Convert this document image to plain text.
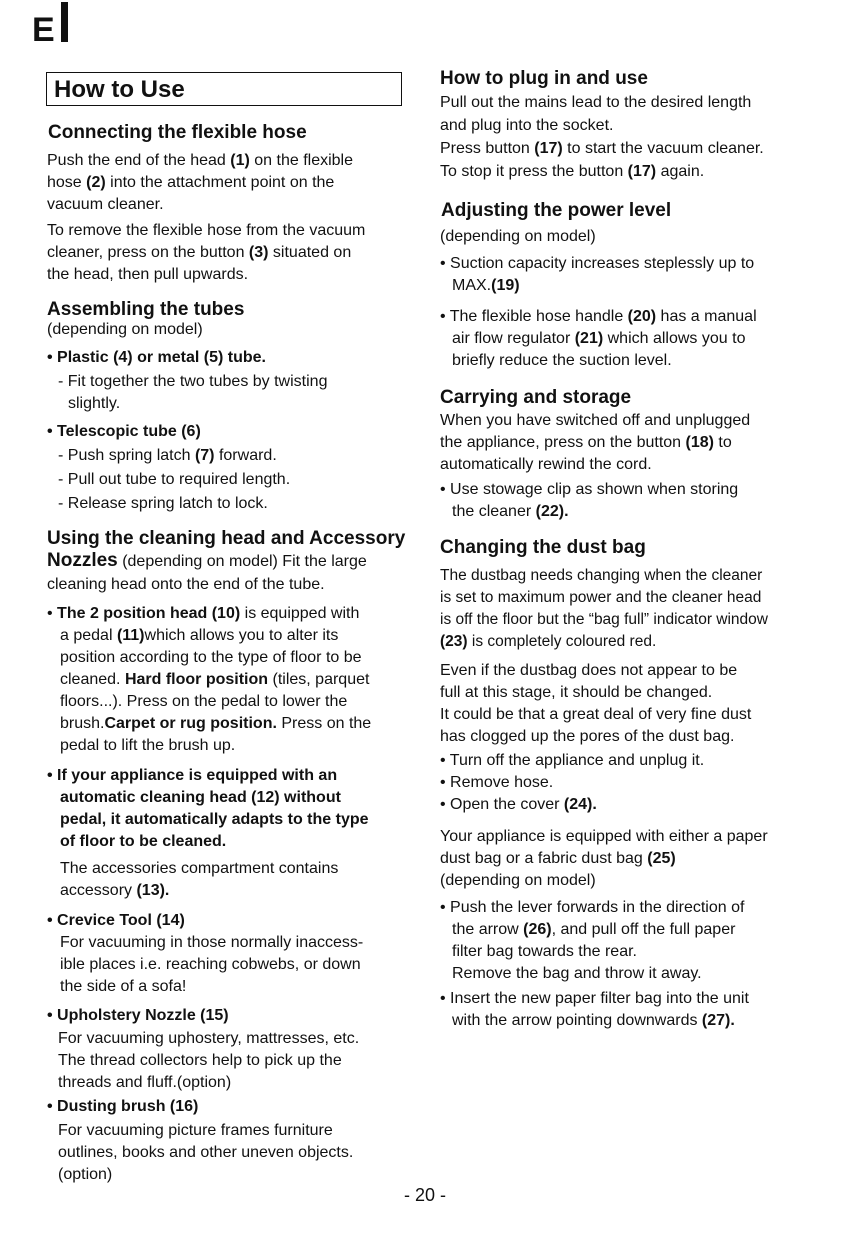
E
How to Use
Connecting the flexible hose
Push the end of the head (1) on the flexible
hose (2) into the attachment point on the
vacuum cleaner.
To remove the flexible hose from the vacuum
cleaner, press on the button (3) situated on
the head, then pull upwards.
Assembling the tubes
(depending on model)
• Plastic (4) or metal (5) tube.
- Fit together the two tubes by twisting
slightly.
• Telescopic tube (6)
- Push spring latch (7) forward.
- Pull out tube to required length.
- Release spring latch to lock.
Using the cleaning head and Accessory
Nozzles (depending on model) Fit the large
cleaning head onto the end of the tube.
• The 2 position head (10) is equipped with
a pedal (11)which allows you to alter its
position according to the type of floor to be
cleaned. Hard floor position (tiles, parquet
floors...). Press on the pedal to lower the
brush.Carpet or rug position. Press on the
pedal to lift the brush up.
• If your appliance is equipped with an
automatic cleaning head (12) without
pedal, it automatically adapts to the type
of floor to be cleaned.
The accessories compartment contains
accessory (13).
• Crevice Tool (14)
For vacuuming in those normally inaccess-
ible places i.e. reaching cobwebs, or down
the side of a sofa!
• Upholstery Nozzle (15)
For vacuuming uphostery, mattresses, etc.
The thread collectors help to pick up the
threads and fluff.(option)
• Dusting brush (16)
For vacuuming picture frames furniture
outlines, books and other uneven objects.
(option)
How to plug in and use
Pull out the mains lead to the desired length
and plug into the socket.
Press button (17) to start the vacuum cleaner.
To stop it press the button (17) again.
Adjusting the power level
(depending on model)
• Suction capacity increases steplessly up to
MAX.(19)
• The flexible hose handle (20) has a manual
air flow regulator (21) which allows you to
briefly reduce the suction level.
Carrying and storage
When you have switched off and unplugged
the appliance, press on the button (18) to
automatically rewind the cord.
• Use stowage clip as shown when storing
the cleaner (22).
Changing the dust bag
The dustbag needs changing when the cleaner
is set to maximum power and the cleaner head
is off the floor but the “bag full” indicator window
(23) is completely coloured red.
Even if the dustbag does not appear to be
full at this stage, it should be changed.
It could be that a great deal of very fine dust
has clogged up the pores of the dust bag.
• Turn off the appliance and unplug it.
• Remove hose.
• Open the cover (24).
Your appliance is equipped with either a paper
dust bag or a fabric dust bag (25)
(depending on model)
• Push the lever forwards in the direction of
the arrow (26), and pull off the full paper
filter bag towards the rear.
Remove the bag and throw it away.
• Insert the new paper filter bag into the unit
with the arrow pointing downwards (27).
- 20 -
